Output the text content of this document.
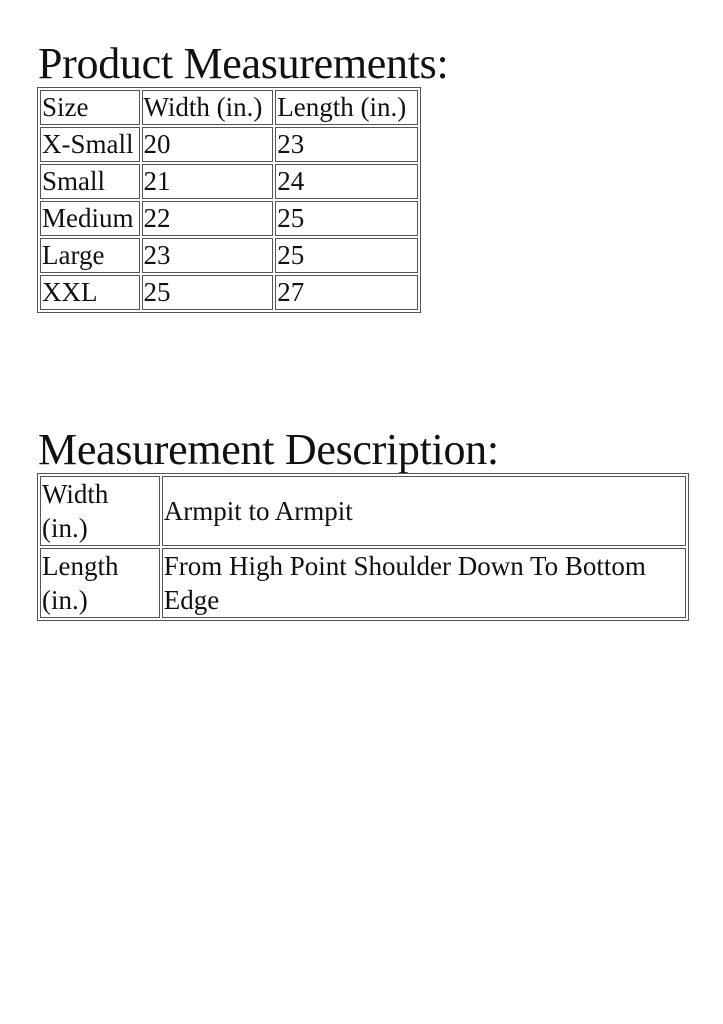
Product Measurements:
Size	Width (in.)	Length (in.)
X-Small	20	23
Small	21	24
Medium	22	25
Large	23	25
XXL	25	27
Measurement Description:
Width (in.)	Armpit to Armpit
Length (in.)	From High Point Shoulder Down To Bottom Edge
